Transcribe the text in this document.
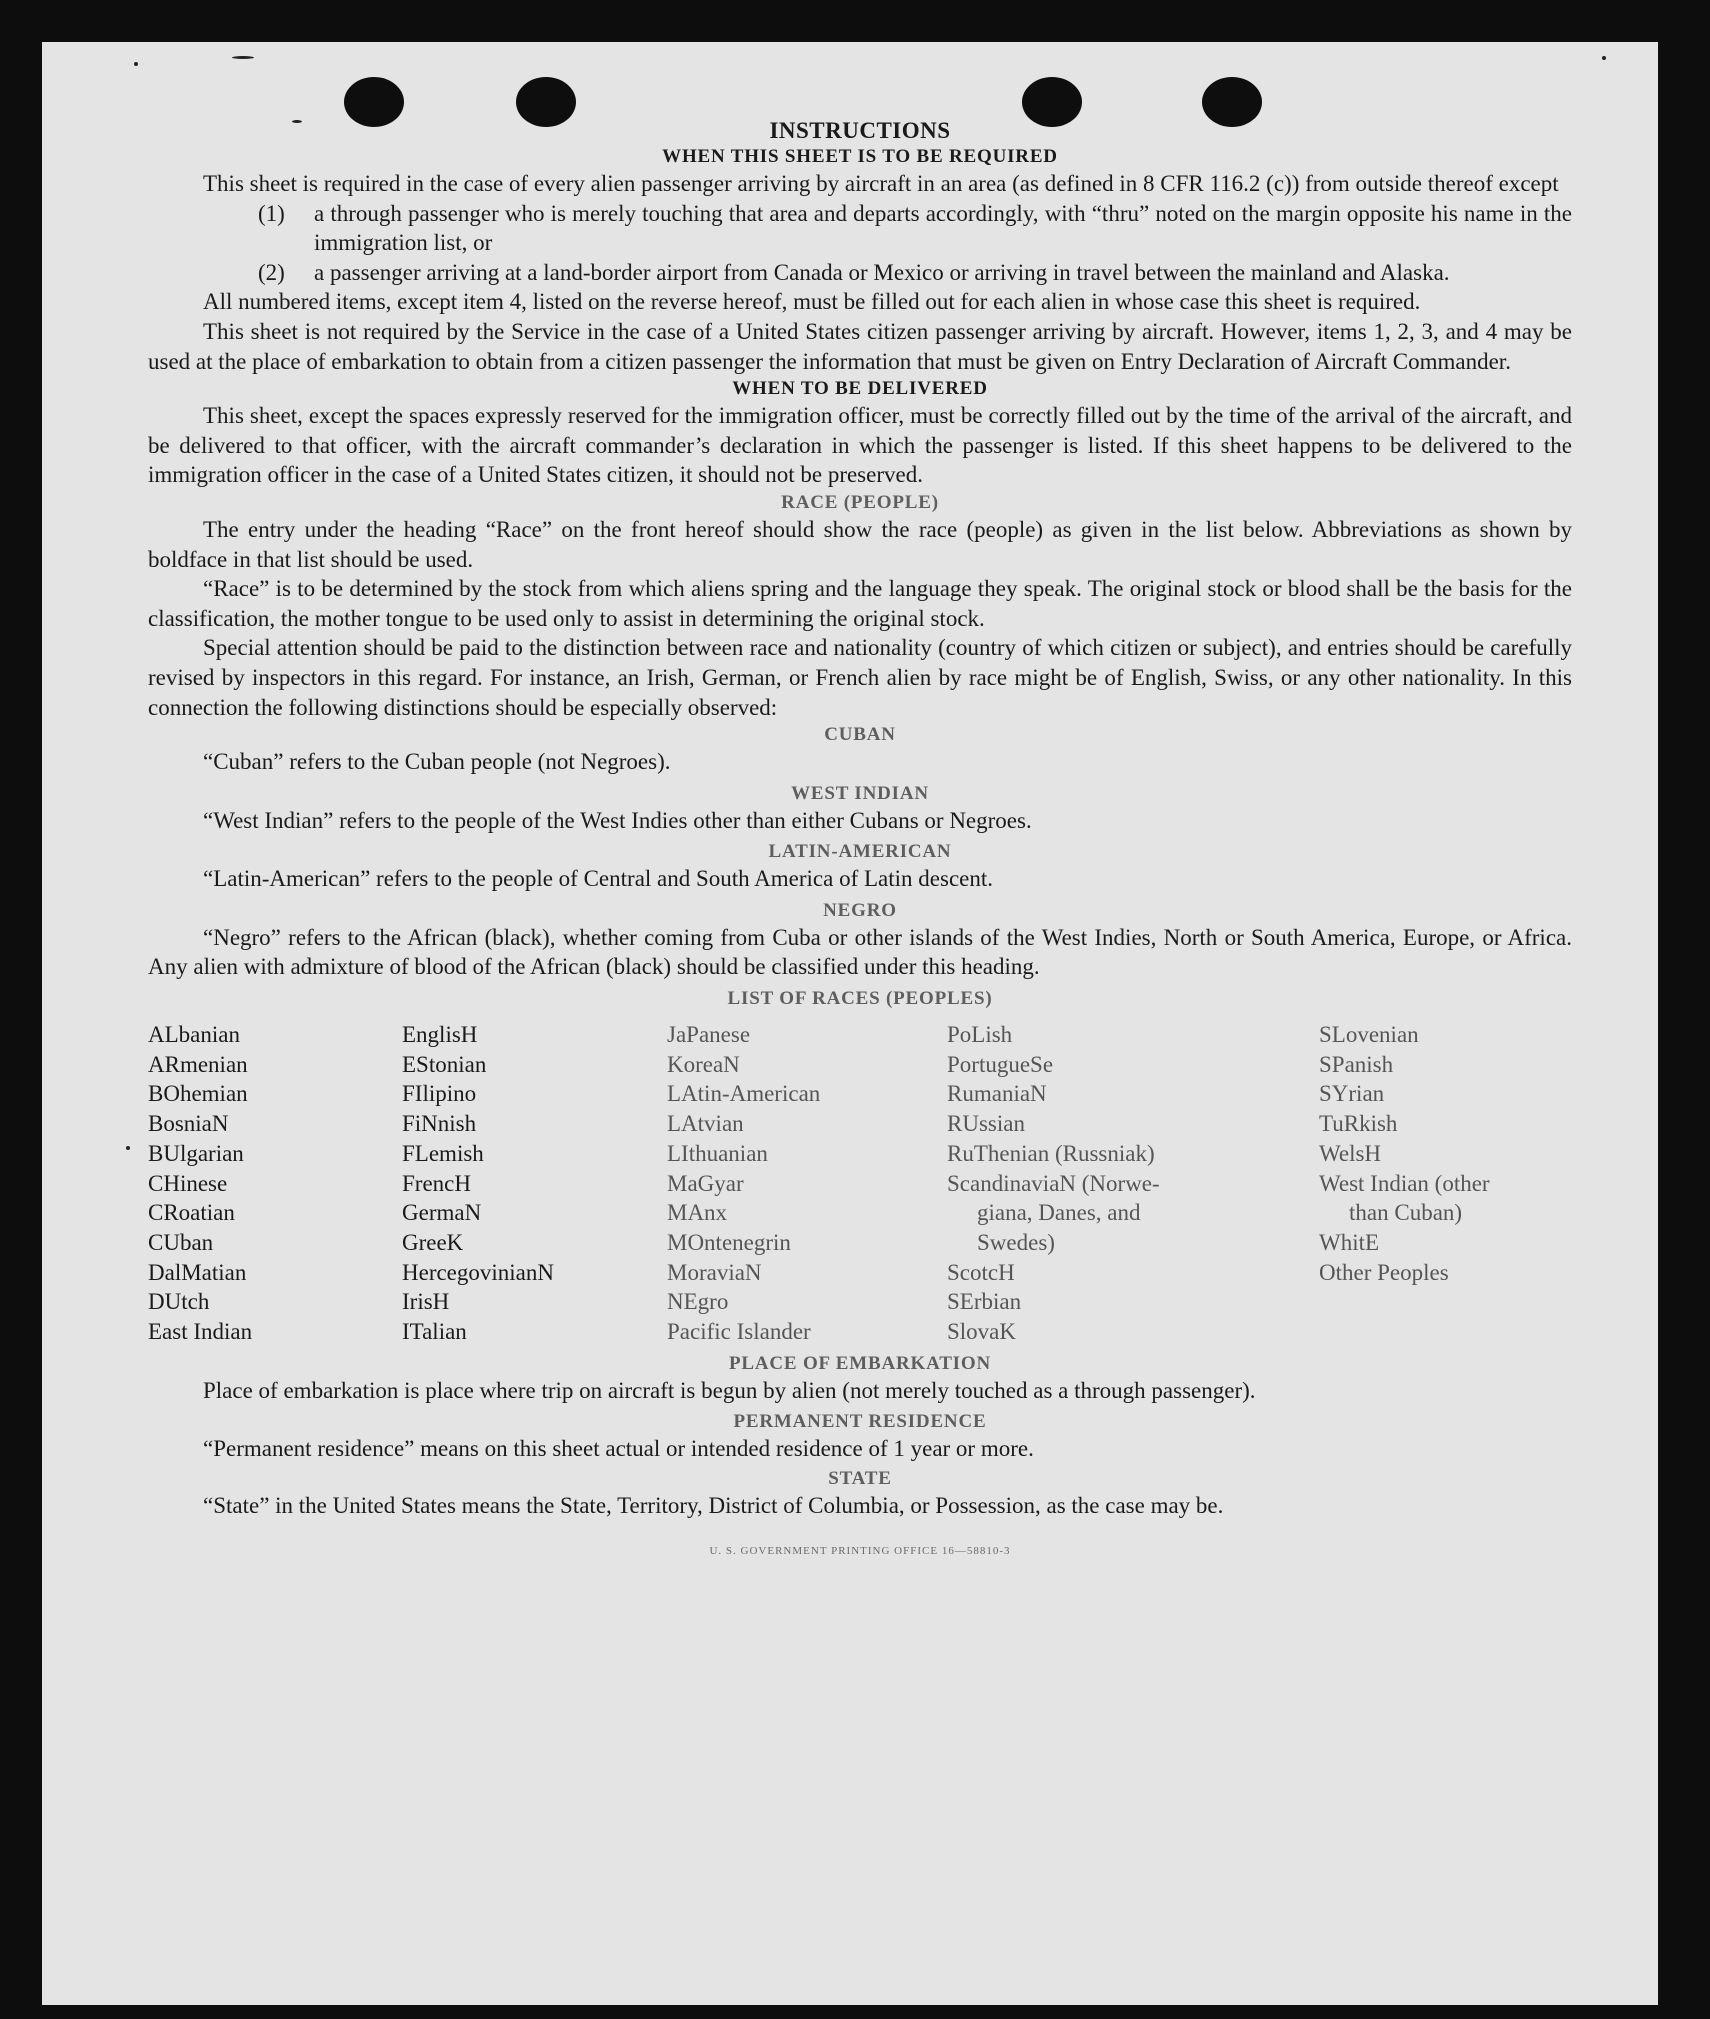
INSTRUCTIONS
WHEN THIS SHEET IS TO BE REQUIRED

This sheet is required in the case of every alien passenger arriving by aircraft in an area (as defined in 8 CFR 116.2 (c)) from outside thereof except

(1)	a through passenger who is merely touching that area and departs accordingly, with “thru” noted on the margin opposite his name in the immigration list, or
(2)	a passenger arriving at a land-border airport from Canada or Mexico or arriving in travel between the mainland and Alaska.

All numbered items, except item 4, listed on the reverse hereof, must be filled out for each alien in whose case this sheet is required.

This sheet is not required by the Service in the case of a United States citizen passenger arriving by aircraft. However, items 1, 2, 3, and 4 may be used at the place of embarkation to obtain from a citizen passenger the information that must be given on Entry Declaration of Aircraft Commander.

WHEN TO BE DELIVERED

This sheet, except the spaces expressly reserved for the immigration officer, must be correctly filled out by the time of the arrival of the aircraft, and be delivered to that officer, with the aircraft commander’s declaration in which the passenger is listed. If this sheet happens to be delivered to the immigration officer in the case of a United States citizen, it should not be preserved.

RACE (PEOPLE)

The entry under the heading “Race” on the front hereof should show the race (people) as given in the list below. Abbreviations as shown by boldface in that list should be used.

“Race” is to be determined by the stock from which aliens spring and the language they speak. The original stock or blood shall be the basis for the classification, the mother tongue to be used only to assist in determining the original stock.

Special attention should be paid to the distinction between race and nationality (country of which citizen or subject), and entries should be carefully revised by inspectors in this regard. For instance, an Irish, German, or French alien by race might be of English, Swiss, or any other nationality. In this connection the following distinctions should be especially observed:

CUBAN

“Cuban” refers to the Cuban people (not Negroes).

WEST INDIAN

“West Indian” refers to the people of the West Indies other than either Cubans or Negroes.

LATIN-AMERICAN

“Latin-American” refers to the people of Central and South America of Latin descent.

NEGRO

“Negro” refers to the African (black), whether coming from Cuba or other islands of the West Indies, North or South America, Europe, or Africa. Any alien with admixture of blood of the African (black) should be classified under this heading.

LIST OF RACES (PEOPLES)
ALbanian
ARmenian
BOhemian
BosniaN
BUlgarian
CHinese
CRoatian
CUban
DalMatian
DUtch
East Indian
EnglisH
EStonian
FIlipino
FiNnish
FLemish
FrencH
GermaN
GreeK
HercegovinianN
IrisH
ITalian
JaPanese
KoreaN
LAtin-American
LAtvian
LIthuanian
MaGyar
MAnx
MOntenegrin
MoraviaN
NEgro
Pacific Islander
PoLish
PortugueSe
RumaniaN
RUssian
RuThenian (Russniak)
ScandinaviaN (Norwe-
giana, Danes, and
Swedes)
ScotcH
SErbian
SlovaK
SLovenian
SPanish
SYrian
TuRkish
WelsH
West Indian (other
than Cuban)
WhitE
Other Peoples
PLACE OF EMBARKATION

Place of embarkation is place where trip on aircraft is begun by alien (not merely touched as a through passenger).

PERMANENT RESIDENCE

“Permanent residence” means on this sheet actual or intended residence of 1 year or more.

STATE

“State” in the United States means the State, Territory, District of Columbia, or Possession, as the case may be.

U. S. GOVERNMENT PRINTING OFFICE 16—58810-3
